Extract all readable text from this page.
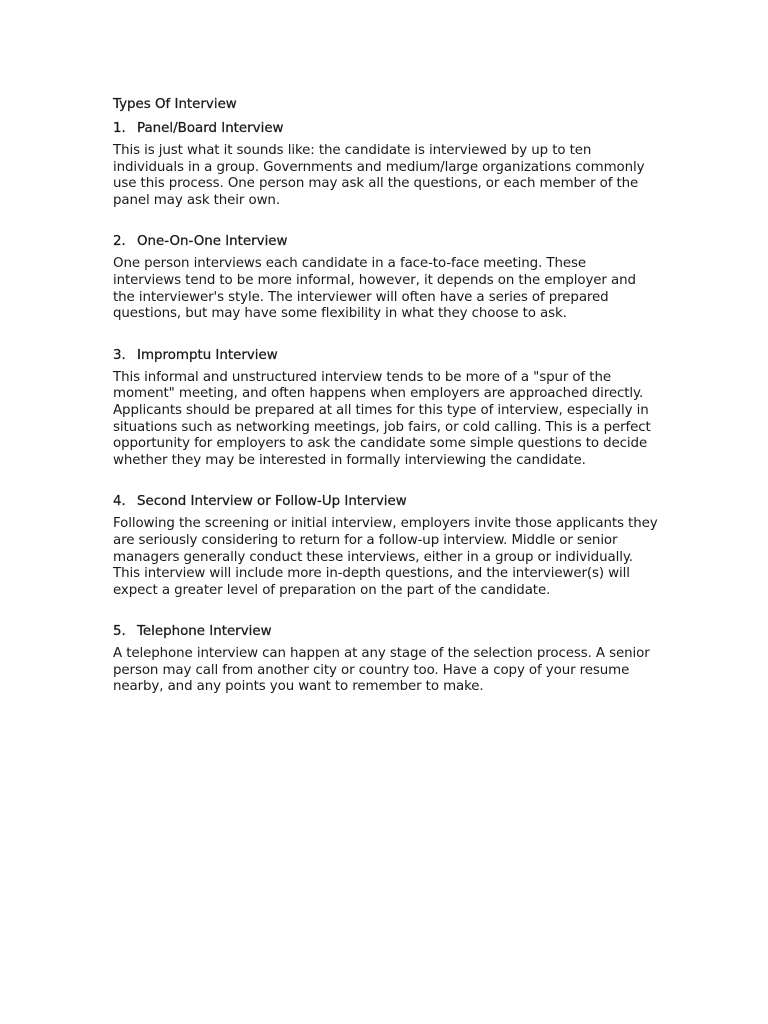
Types Of Interview
1. Panel/Board Interview

This is just what it sounds like: the candidate is interviewed by up to ten individuals in a group. Governments and medium/large organizations commonly use this process. One person may ask all the questions, or each member of the panel may ask their own.

2. One-On-One Interview

One person interviews each candidate in a face-to-face meeting. These interviews tend to be more informal, however, it depends on the employer and the interviewer's style. The interviewer will often have a series of prepared questions, but may have some flexibility in what they choose to ask.

3. Impromptu Interview

This informal and unstructured interview tends to be more of a "spur of the moment" meeting, and often happens when employers are approached directly. Applicants should be prepared at all times for this type of interview, especially in situations such as networking meetings, job fairs, or cold calling. This is a perfect opportunity for employers to ask the candidate some simple questions to decide whether they may be interested in formally interviewing the candidate.

4. Second Interview or Follow-Up Interview

Following the screening or initial interview, employers invite those applicants they are seriously considering to return for a follow-up interview. Middle or senior managers generally conduct these interviews, either in a group or individually. This interview will include more in-depth questions, and the interviewer(s) will expect a greater level of preparation on the part of the candidate.

5. Telephone Interview

A telephone interview can happen at any stage of the selection process. A senior person may call from another city or country too. Have a copy of your resume nearby, and any points you want to remember to make.
